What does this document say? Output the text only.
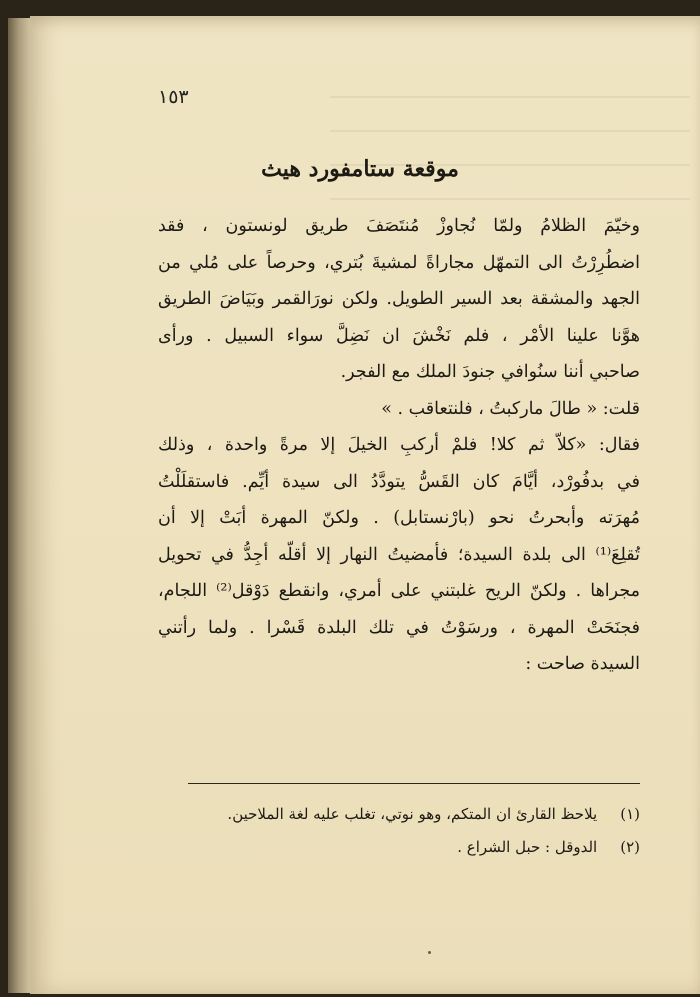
١٥٣
موقعة ستامفورد هيث

وخيّمَ الظلامُ ولمّا نُجاوزْ مُنتَصَفَ طريق لونستون ، فقد
اضطُرِرْتُ الى التمهّل مجاراةً لمشيةَ بُتري، وحرصاً على مُلي من
الجهد والمشقة بعد السير الطويل. ولكن نورَالقمر وبَيَاضَ الطريق
هوَّنا علينا الأمْر ، فلم نَخْشَ ان نَضِلَّ سواء السبيل . ورأى
صاحبي أننا سنُوافي جنودَ الملك مع الفجر.

قلت: « طالَ ماركبتُ ، فلنتعاقب . »

فقال: «كلاّ ثم كلا! فلمْ أركبِ الخيلَ إلا مرةً واحدة ، وذلك
في بدفُورْد، أيَّامَ كان القَسُّ يتودَّدُ الى سيدة أيِّم. فاستقلَلْتُ
مُهرَته وأبحرتُ نحو (بارْنستابل) . ولكنّ المهرة أبَتْ إلا أن
تُقلِعَ⁽¹⁾ الى بلدة السيدة؛ فأمضيتُ النهار إلا أقلّه أجِدُّ في تحويل
مجراها . ولكنّ الريح غلبتني على أمري، وانقطع دَوْقل⁽²⁾ اللجام،
فجنَحَتْ المهرة ، ورسَوْتُ في تلك البلدة قَسْرا . ولما رأتني
السيدة صاحت :

(١) يلاحظ القارئ ان المتكم، وهو نوتي، تغلب عليه لغة الملاحين.
(٢) الدوقل : حبل الشراع .
